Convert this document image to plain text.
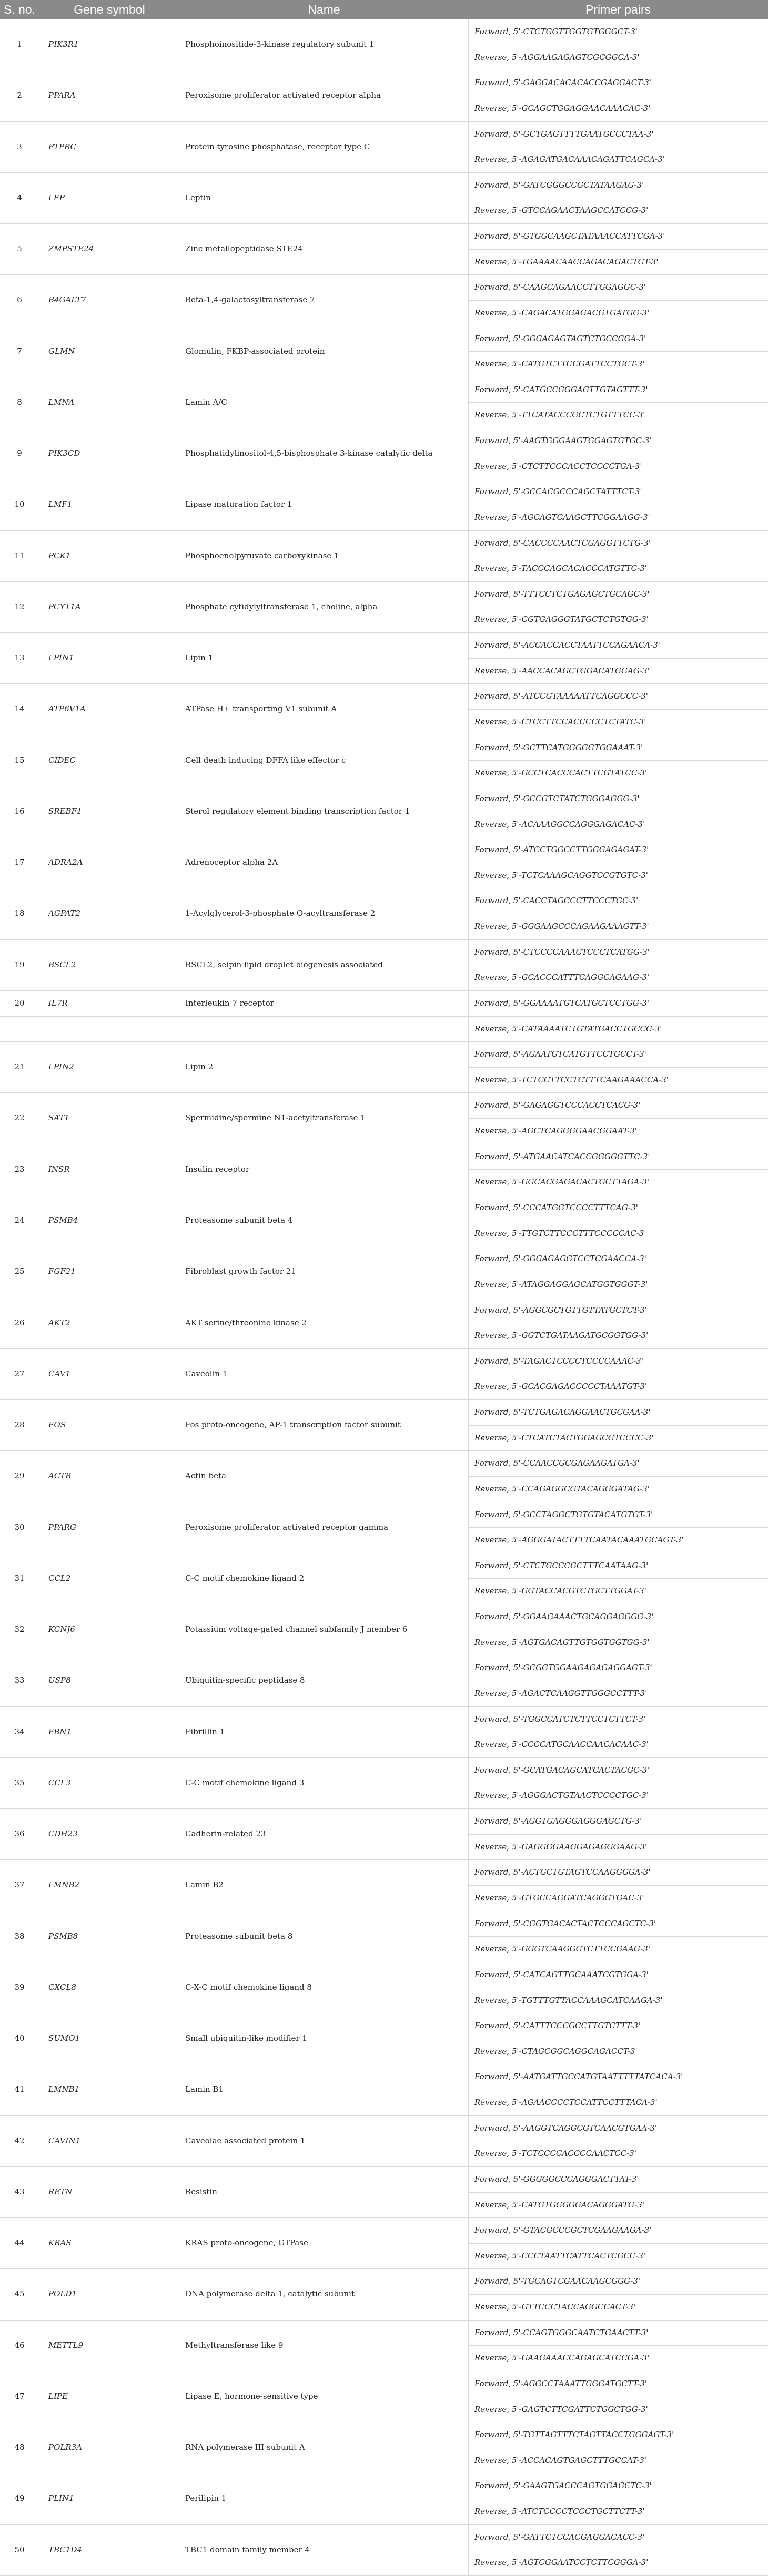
S. no.	Gene symbol	Name	Primer pairs
1	PIK3R1	Phosphoinositide-3-kinase regulatory subunit 1
Forward, 5'-CTCTGGTTGGTGTGGGCT-3'
Reverse, 5'-AGGAAGAGAGTCGCGGCA-3'
2	PPARA	Peroxisome proliferator activated receptor alpha
Forward, 5'-GAGGACACACACCGAGGACT-3'
Reverse, 5'-GCAGCTGGAGGAACAAACAC-3'
3	PTPRC	Protein tyrosine phosphatase, receptor type C
Forward, 5'-GCTGAGTTTTGAATGCCCTAA-3'
Reverse, 5'-AGAGATGACAAACAGATTCAGCA-3'
4	LEP	Leptin
Forward, 5'-GATCGGGCCGCTATAAGAG-3'
Reverse, 5'-GTCCAGAACTAAGCCATCCG-3'
5	ZMPSTE24	Zinc metallopeptidase STE24
Forward, 5'-GTGGCAAGCTATAAACCATTCGA-3'
Reverse, 5'-TGAAAACAACCAGACAGACTGT-3'
6	B4GALT7	Beta-1,4-galactosyltransferase 7
Forward, 5'-CAAGCAGAACCTTGGAGGC-3'
Reverse, 5'-CAGACATGGAGACGTGATGG-3'
7	GLMN	Glomulin, FKBP-associated protein
Forward, 5'-GGGAGAGTAGTCTGCCGGA-3'
Reverse, 5'-CATGTCTTCCGATTCCTGCT-3'
8	LMNA	Lamin A/C
Forward, 5'-CATGCCGGGAGTTGTAGTTT-3'
Reverse, 5'-TTCATACCCGCTCTGTTTCC-3'
9	PIK3CD	Phosphatidylinositol-4,5-bisphosphate 3-kinase catalytic delta
Forward, 5'-AAGTGGGAAGTGGAGTGTGC-3'
Reverse, 5'-CTCTTCCCACCTCCCCTGA-3'
10	LMF1	Lipase maturation factor 1
Forward, 5'-GCCACGCCCAGCTATTTCT-3'
Reverse, 5'-AGCAGTCAAGCTTCGGAAGG-3'
11	PCK1	Phosphoenolpyruvate carboxykinase 1
Forward, 5'-CACCCCAACTCGAGGTTCTG-3'
Reverse, 5'-TACCCAGCACACCCATGTTC-3'
12	PCYT1A	Phosphate cytidylyltransferase 1, choline, alpha
Forward, 5'-TTTCCTCTGAGAGCTGCAGC-3'
Reverse, 5'-CGTGAGGGTATGCTCTGTGG-3'
13	LPIN1	Lipin 1
Forward, 5'-ACCACCACCTAATTCCAGAACA-3'
Reverse, 5'-AACCACAGCTGGACATGGAG-3'
14	ATP6V1A	ATPase H+ transporting V1 subunit A
Forward, 5'-ATCCGTAAAAATTCAGGCCC-3'
Reverse, 5'-CTCCTTCCACCCCCTCTATC-3'
15	CIDEC	Cell death inducing DFFA like effector c
Forward, 5'-GCTTCATGGGGGTGGAAAT-3'
Reverse, 5'-GCCTCACCCACTTCGTATCC-3'
16	SREBF1	Sterol regulatory element binding transcription factor 1
Forward, 5'-GCCGTCTATCTGGGAGGG-3'
Reverse, 5'-ACAAAGGCCAGGGAGACAC-3'
17	ADRA2A	Adrenoceptor alpha 2A
Forward, 5'-ATCCTGGCCTTGGGAGAGAT-3'
Reverse, 5'-TCTCAAAGCAGGTCCGTGTC-3'
18	AGPAT2	1-Acylglycerol-3-phosphate O-acyltransferase 2
Forward, 5'-CACCTAGCCCTTCCCTGC-3'
Reverse, 5'-GGGAAGCCCAGAAGAAAGTT-3'
19	BSCL2	BSCL2, seipin lipid droplet biogenesis associated
Forward, 5'-CTCCCCAAACTCCCTCATGG-3'
Reverse, 5'-GCACCCATTTCAGGCAGAAG-3'
20	IL7R	Interleukin 7 receptor	Forward, 5'-GGAAAATGTCATGCTCCTGG-3'
Reverse, 5'-CATAAAATCTGTATGACCTGCCC-3'
21	LPIN2	Lipin 2
Forward, 5'-AGAATGTCATGTTCCTGCCT-3'
Reverse, 5'-TCTCCTTCCTCTTTCAAGAAACCA-3'
22	SAT1	Spermidine/spermine N1-acetyltransferase 1
Forward, 5'-GAGAGGTCCCACCTCACG-3'
Reverse, 5'-AGCTCAGGGGAACGGAAT-3'
23	INSR	Insulin receptor
Forward, 5'-ATGAACATCACCGGGGGTTC-3'
Reverse, 5'-GGCACGAGACACTGCTTAGA-3'
24	PSMB4	Proteasome subunit beta 4
Forward, 5'-CCCATGGTCCCCTTTCAG-3'
Reverse, 5'-TTGTCTTCCCTTTCCCCCAC-3'
25	FGF21	Fibroblast growth factor 21
Forward, 5'-GGGAGAGGTCCTCGAACCA-3'
Reverse, 5'-ATAGGAGGAGCATGGTGGGT-3'
26	AKT2	AKT serine/threonine kinase 2
Forward, 5'-AGGCGCTGTTGTTATGCTCT-3'
Reverse, 5'-GGTCTGATAAGATGCGGTGG-3'
27	CAV1	Caveolin 1
Forward, 5'-TAGACTCCCCTCCCCAAAC-3'
Reverse, 5'-GCACGAGACCCCCTAAATGT-3'
28	FOS	Fos proto-oncogene, AP-1 transcription factor subunit
Forward, 5'-TCTGAGACAGGAACTGCGAA-3'
Reverse, 5'-CTCATCTACTGGAGCGTCCCC-3'
29	ACTB	Actin beta
Forward, 5'-CCAACCGCGAGAAGATGA-3'
Reverse, 5'-CCAGAGGCGTACAGGGATAG-3'
30	PPARG	Peroxisome proliferator activated receptor gamma
Forward, 5'-GCCTAGGCTGTGTACATGTGT-3'
Reverse, 5'-AGGGATACTTTTCAATACAAATGCAGT-3'
31	CCL2	C-C motif chemokine ligand 2
Forward, 5'-CTCTGCCCGCTTTCAATAAG-3'
Reverse, 5'-GGTACCACGTCTGCTTGGAT-3'
32	KCNJ6	Potassium voltage-gated channel subfamily J member 6
Forward, 5'-GGAAGAAACTGCAGGAGGGG-3'
Reverse, 5'-AGTGACAGTTGTGGTGGTGG-3'
33	USP8	Ubiquitin-specific peptidase 8
Forward, 5'-GCGGTGGAAGAGAGAGGAGT-3'
Reverse, 5'-AGACTCAAGGTTGGGCCTTT-3'
34	FBN1	Fibrillin 1
Forward, 5'-TGGCCATCTCTTCCTCTTCT-3'
Reverse, 5'-CCCCATGCAACCAACACAAC-3'
35	CCL3	C-C motif chemokine ligand 3
Forward, 5'-GCATGACAGCATCACTACGC-3'
Reverse, 5'-AGGGACTGTAACTCCCCTGC-3'
36	CDH23	Cadherin-related 23
Forward, 5'-AGGTGAGGGAGGGAGCTG-3'
Reverse, 5'-GAGGGGAAGGAGAGGGAAG-3'
37	LMNB2	Lamin B2
Forward, 5'-ACTGCTGTAGTCCAAGGGGA-3'
Reverse, 5'-GTGCCAGGATCAGGGTGAC-3'
38	PSMB8	Proteasome subunit beta 8
Forward, 5'-CGGTGACACTACTCCCAGCTC-3'
Reverse, 5'-GGGTCAAGGGTCTTCCGAAG-3'
39	CXCL8	C-X-C motif chemokine ligand 8
Forward, 5'-CATCAGTTGCAAATCGTGGA-3'
Reverse, 5'-TGTTTGTTACCAAAGCATCAAGA-3'
40	SUMO1	Small ubiquitin-like modifier 1
Forward, 5'-CATTTCCCGCCTTGTCTTT-3'
Reverse, 5'-CTAGCGGCAGGCAGACCT-3'
41	LMNB1	Lamin B1
Forward, 5'-AATGATTGCCATGTAATTTTTATCACA-3'
Reverse, 5'-AGAACCCCTCCATTCCTTTACA-3'
42	CAVIN1	Caveolae associated protein 1
Forward, 5'-AAGGTCAGGCGTCAACGTGAA-3'
Reverse, 5'-TCTCCCCACCCCAACTCC-3'
43	RETN	Resistin
Forward, 5'-GGGGGCCCAGGGACTTAT-3'
Reverse, 5'-CATGTGGGGGACAGGGATG-3'
44	KRAS	KRAS proto-oncogene, GTPase
Forward, 5'-GTACGCCCGCTCGAAGAAGA-3'
Reverse, 5'-CCCTAATTCATTCACTCGCC-3'
45	POLD1	DNA polymerase delta 1, catalytic subunit
Forward, 5'-TGCAGTCGAACAAGCGGG-3'
Reverse, 5'-GTTCCCTACCAGGCCACT-3'
46	METTL9	Methyltransferase like 9
Forward, 5'-CCAGTGGGCAATCTGAACTT-3'
Reverse, 5'-GAAGAAACCAGAGCATCCGA-3'
47	LIPE	Lipase E, hormone-sensitive type
Forward, 5'-AGGCCTAAATTGGGATGCTT-3'
Reverse, 5'-GAGTCTTCGATTCTGGCTGG-3'
48	POLR3A	RNA polymerase III subunit A
Forward, 5'-TGTTAGTTTCTAGTTACCTGGGAGT-3'
Reverse, 5'-ACCACAGTGAGCTTTGCCAT-3'
49	PLIN1	Perilipin 1
Forward, 5'-GAAGTGACCCAGTGGAGCTC-3'
Reverse, 5'-ATCTCCCCTCCCTGCTTCTT-3'
50	TBC1D4	TBC1 domain family member 4
Forward, 5'-GATTCTCCACGAGGACACC-3'
Reverse, 5'-AGTCGGAATCCTCTTCGGGA-3'
